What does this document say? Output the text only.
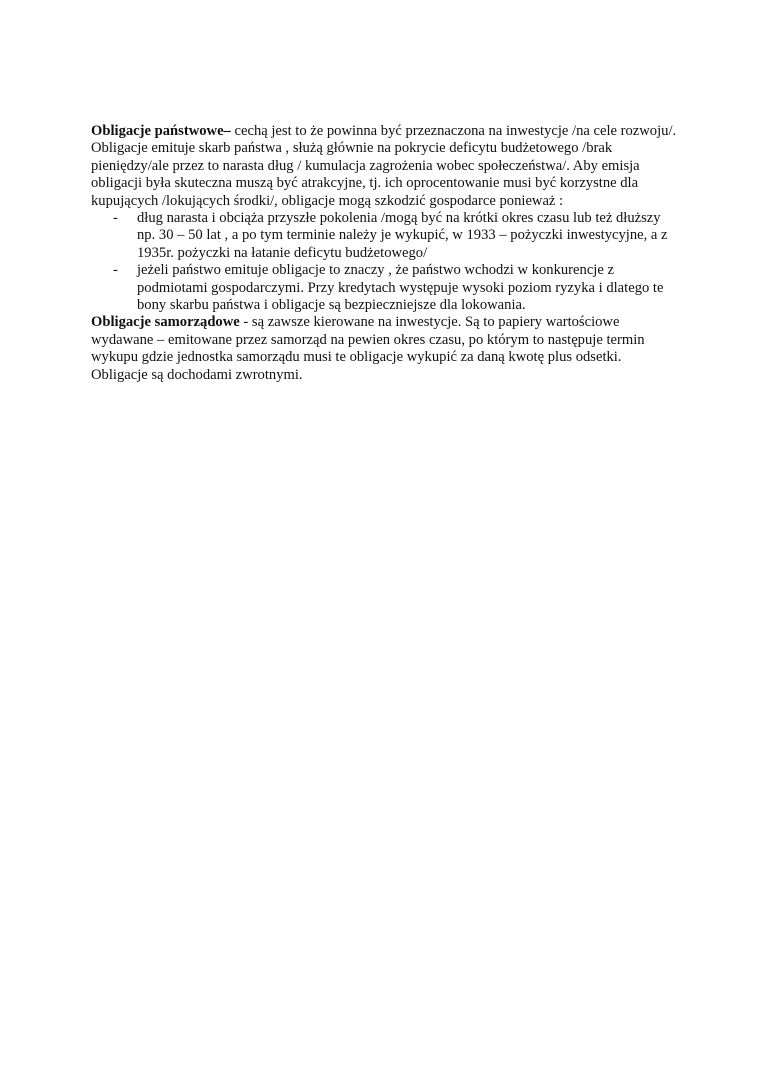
Obligacje państwowe– cechą jest to że powinna być przeznaczona na inwestycje /na cele rozwoju/. Obligacje emituje skarb państwa , służą głównie na pokrycie deficytu budżetowego /brak pieniędzy/ale przez to narasta dług / kumulacja zagrożenia wobec społeczeństwa/. Aby emisja obligacji była skuteczna muszą być atrakcyjne, tj. ich oprocentowanie musi być korzystne dla kupujących /lokujących środki/, obligacje mogą szkodzić gospodarce ponieważ :

- dług narasta i obciąża przyszłe pokolenia /mogą być na krótki okres czasu lub też dłuższy np. 30 – 50 lat , a po tym terminie należy je wykupić, w 1933 – pożyczki inwestycyjne, a z 1935r. pożyczki na łatanie deficytu budżetowego/
- jeżeli państwo emituje obligacje to znaczy , że państwo wchodzi w konkurencje z podmiotami gospodarczymi. Przy kredytach występuje wysoki poziom ryzyka i dlatego te bony skarbu państwa i obligacje są bezpieczniejsze dla lokowania.

Obligacje samorządowe - są zawsze kierowane na inwestycje. Są to papiery wartościowe wydawane – emitowane przez samorząd na pewien okres czasu, po którym to następuje termin wykupu gdzie jednostka samorządu musi te obligacje wykupić za daną kwotę plus odsetki. Obligacje są dochodami zwrotnymi.
